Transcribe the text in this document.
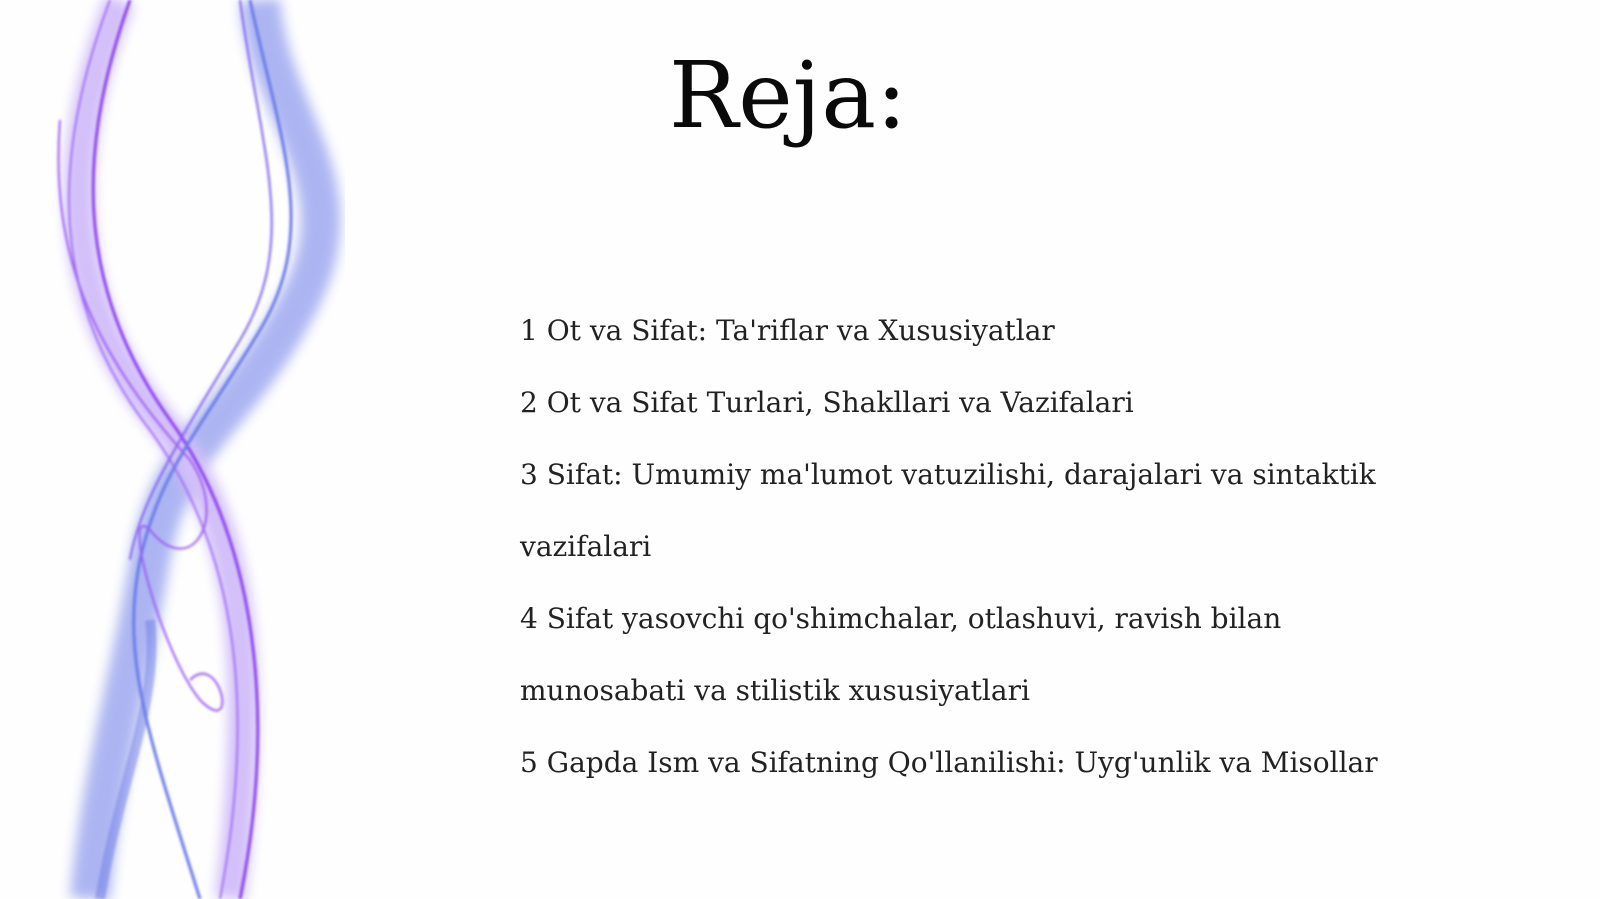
Reja:
1 Ot va Sifat: Ta'riflar va Xususiyatlar
2 Ot va Sifat Turlari, Shakllari va Vazifalari
3 Sifat: Umumiy ma'lumot vatuzilishi, darajalari va sintaktik vazifalari
4 Sifat yasovchi qo'shimchalar, otlashuvi, ravish bilan munosabati va stilistik xususiyatlari
5 Gapda Ism va Sifatning Qo'llanilishi: Uyg'unlik va Misollar
